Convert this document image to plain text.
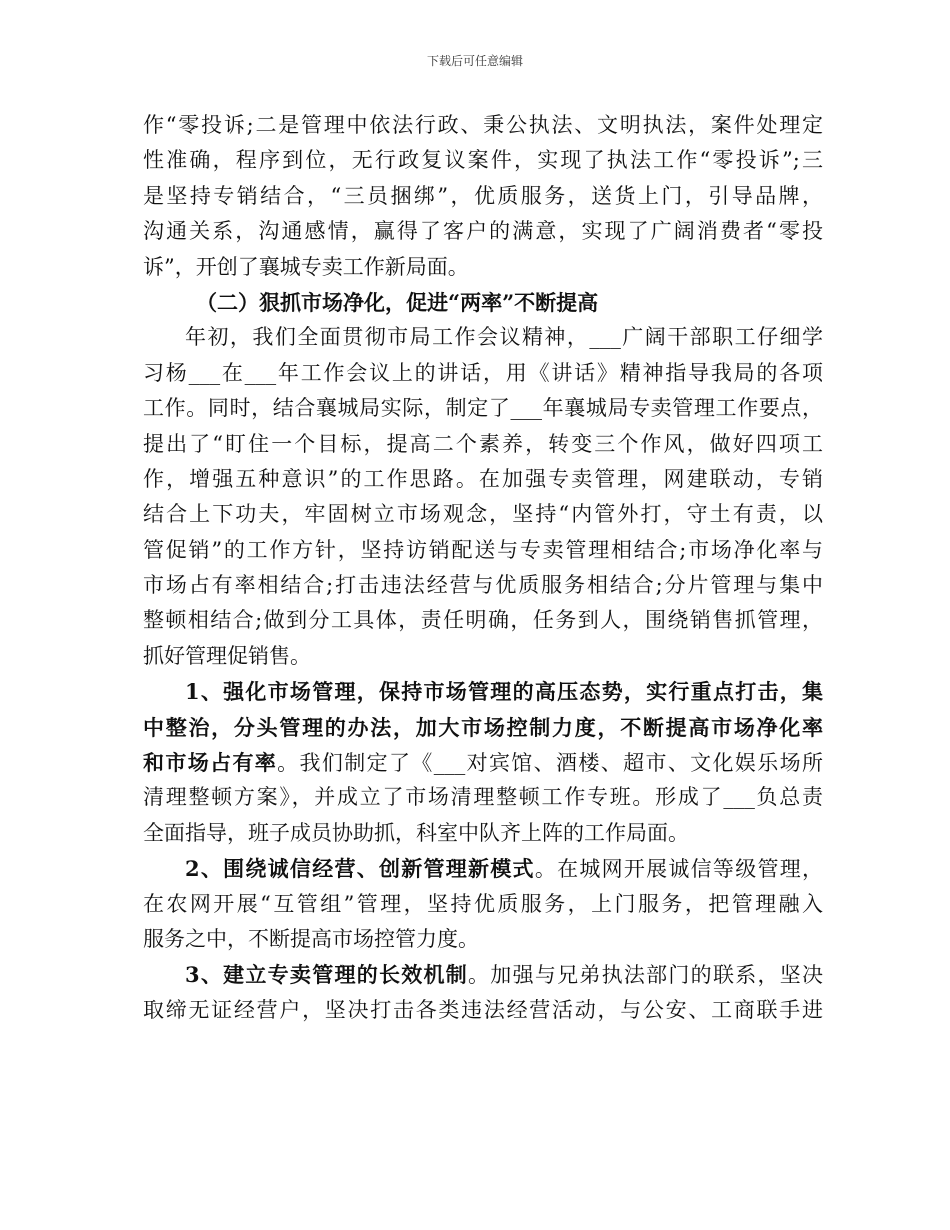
下载后可任意编辑
作“零投诉;二是管理中依法行政、秉公执法、文明执法，案件处理定
性准确，程序到位，无行政复议案件，实现了执法工作“零投诉”;三
是坚持专销结合，“三员捆绑”，优质服务，送货上门，引导品牌，
沟通关系，沟通感情，赢得了客户的满意，实现了广阔消费者“零投
诉”，开创了襄城专卖工作新局面。
（二）狠抓市场净化，促进“两率”不断提高
年初，我们全面贯彻市局工作会议精神，___广阔干部职工仔细学
习杨___在___年工作会议上的讲话，用《讲话》精神指导我局的各项
工作。同时，结合襄城局实际，制定了___年襄城局专卖管理工作要点，
提出了“盯住一个目标，提高二个素养，转变三个作风，做好四项工
作，增强五种意识”的工作思路。在加强专卖管理，网建联动，专销
结合上下功夫，牢固树立市场观念，坚持“内管外打，守土有责，以
管促销”的工作方针，坚持访销配送与专卖管理相结合;市场净化率与
市场占有率相结合;打击违法经营与优质服务相结合;分片管理与集中
整顿相结合;做到分工具体，责任明确，任务到人，围绕销售抓管理，
抓好管理促销售。
1、强化市场管理，保持市场管理的高压态势，实行重点打击，集
中整治，分头管理的办法，加大市场控制力度，不断提高市场净化率
和市场占有率。我们制定了《___对宾馆、酒楼、超市、文化娱乐场所
清理整顿方案》，并成立了市场清理整顿工作专班。形成了___负总责
全面指导，班子成员协助抓，科室中队齐上阵的工作局面。
2、围绕诚信经营、创新管理新模式。在城网开展诚信等级管理，
在农网开展“互管组”管理，坚持优质服务，上门服务，把管理融入
服务之中，不断提高市场控管力度。
3、建立专卖管理的长效机制。加强与兄弟执法部门的联系，坚决
取缔无证经营户，坚决打击各类违法经营活动，与公安、工商联手进
